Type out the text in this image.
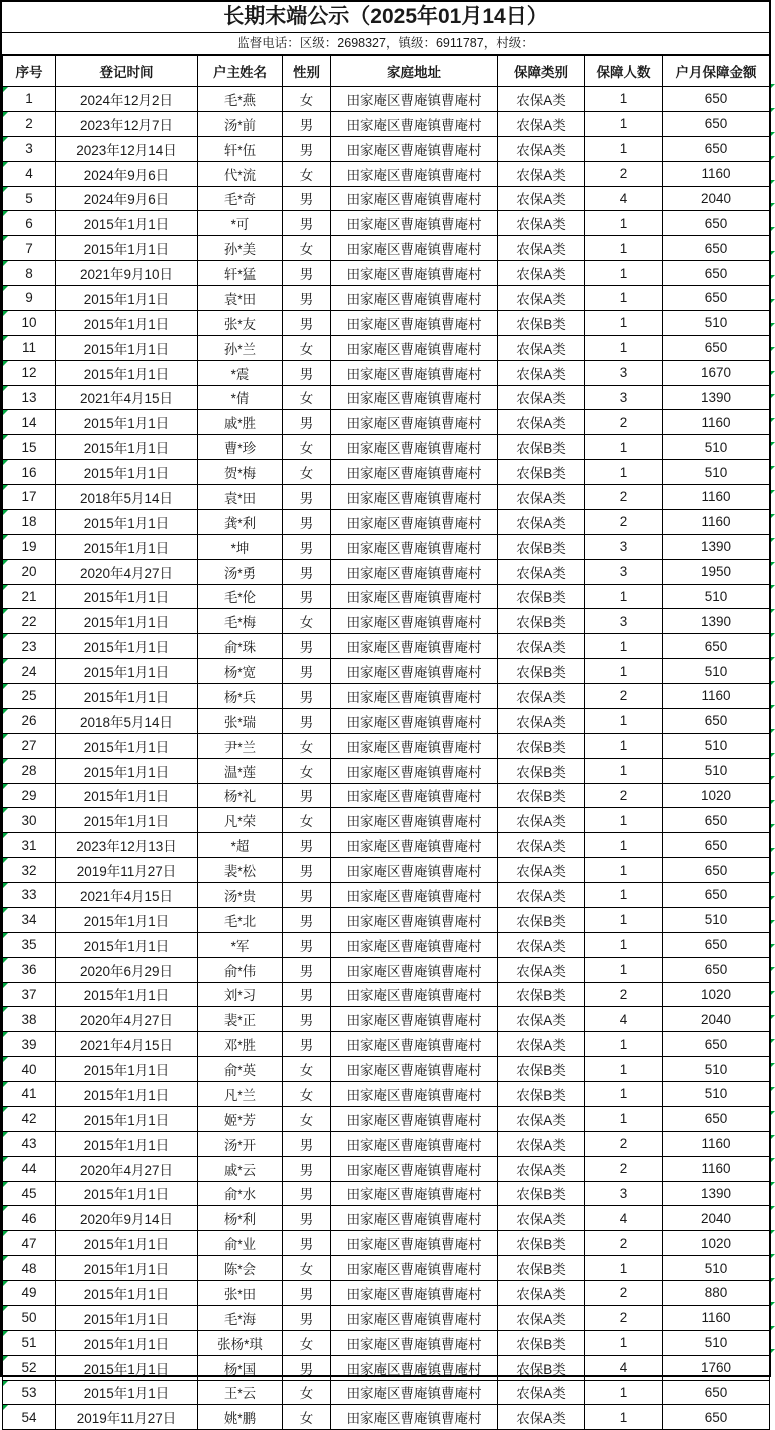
长期末端公示（2025年01月14日）
监督电话：区级：2698327，镇级：6911787，村级：
序号	登记时间	户主姓名	性别	家庭地址	保障类别	保障人数	户月保障金额
1	2024年12月2日	毛*燕	女	田家庵区曹庵镇曹庵村	农保A类	1	650
2	2023年12月7日	汤*前	男	田家庵区曹庵镇曹庵村	农保A类	1	650
3	2023年12月14日	轩*伍	男	田家庵区曹庵镇曹庵村	农保A类	1	650
4	2024年9月6日	代*流	女	田家庵区曹庵镇曹庵村	农保A类	2	1160
5	2024年9月6日	毛*奇	男	田家庵区曹庵镇曹庵村	农保A类	4	2040
6	2015年1月1日	*可	男	田家庵区曹庵镇曹庵村	农保A类	1	650
7	2015年1月1日	孙*美	女	田家庵区曹庵镇曹庵村	农保A类	1	650
8	2021年9月10日	轩*猛	男	田家庵区曹庵镇曹庵村	农保A类	1	650
9	2015年1月1日	袁*田	男	田家庵区曹庵镇曹庵村	农保A类	1	650
10	2015年1月1日	张*友	男	田家庵区曹庵镇曹庵村	农保B类	1	510
11	2015年1月1日	孙*兰	女	田家庵区曹庵镇曹庵村	农保A类	1	650
12	2015年1月1日	*震	男	田家庵区曹庵镇曹庵村	农保A类	3	1670
13	2021年4月15日	*倩	女	田家庵区曹庵镇曹庵村	农保A类	3	1390
14	2015年1月1日	戚*胜	男	田家庵区曹庵镇曹庵村	农保A类	2	1160
15	2015年1月1日	曹*珍	女	田家庵区曹庵镇曹庵村	农保B类	1	510
16	2015年1月1日	贺*梅	女	田家庵区曹庵镇曹庵村	农保B类	1	510
17	2018年5月14日	袁*田	男	田家庵区曹庵镇曹庵村	农保A类	2	1160
18	2015年1月1日	龚*利	男	田家庵区曹庵镇曹庵村	农保A类	2	1160
19	2015年1月1日	*坤	男	田家庵区曹庵镇曹庵村	农保B类	3	1390
20	2020年4月27日	汤*勇	男	田家庵区曹庵镇曹庵村	农保A类	3	1950
21	2015年1月1日	毛*伦	男	田家庵区曹庵镇曹庵村	农保B类	1	510
22	2015年1月1日	毛*梅	女	田家庵区曹庵镇曹庵村	农保B类	3	1390
23	2015年1月1日	俞*珠	男	田家庵区曹庵镇曹庵村	农保A类	1	650
24	2015年1月1日	杨*宽	男	田家庵区曹庵镇曹庵村	农保B类	1	510
25	2015年1月1日	杨*兵	男	田家庵区曹庵镇曹庵村	农保A类	2	1160
26	2018年5月14日	张*瑞	男	田家庵区曹庵镇曹庵村	农保A类	1	650
27	2015年1月1日	尹*兰	女	田家庵区曹庵镇曹庵村	农保B类	1	510
28	2015年1月1日	温*莲	女	田家庵区曹庵镇曹庵村	农保B类	1	510
29	2015年1月1日	杨*礼	男	田家庵区曹庵镇曹庵村	农保B类	2	1020
30	2015年1月1日	凡*荣	女	田家庵区曹庵镇曹庵村	农保A类	1	650
31	2023年12月13日	*超	男	田家庵区曹庵镇曹庵村	农保A类	1	650
32	2019年11月27日	裴*松	男	田家庵区曹庵镇曹庵村	农保A类	1	650
33	2021年4月15日	汤*贵	男	田家庵区曹庵镇曹庵村	农保A类	1	650
34	2015年1月1日	毛*北	男	田家庵区曹庵镇曹庵村	农保B类	1	510
35	2015年1月1日	*军	男	田家庵区曹庵镇曹庵村	农保A类	1	650
36	2020年6月29日	俞*伟	男	田家庵区曹庵镇曹庵村	农保A类	1	650
37	2015年1月1日	刘*习	男	田家庵区曹庵镇曹庵村	农保B类	2	1020
38	2020年4月27日	裴*正	男	田家庵区曹庵镇曹庵村	农保A类	4	2040
39	2021年4月15日	邓*胜	男	田家庵区曹庵镇曹庵村	农保A类	1	650
40	2015年1月1日	俞*英	女	田家庵区曹庵镇曹庵村	农保B类	1	510
41	2015年1月1日	凡*兰	女	田家庵区曹庵镇曹庵村	农保B类	1	510
42	2015年1月1日	姬*芳	女	田家庵区曹庵镇曹庵村	农保A类	1	650
43	2015年1月1日	汤*开	男	田家庵区曹庵镇曹庵村	农保A类	2	1160
44	2020年4月27日	戚*云	男	田家庵区曹庵镇曹庵村	农保A类	2	1160
45	2015年1月1日	俞*水	男	田家庵区曹庵镇曹庵村	农保B类	3	1390
46	2020年9月14日	杨*利	男	田家庵区曹庵镇曹庵村	农保A类	4	2040
47	2015年1月1日	俞*业	男	田家庵区曹庵镇曹庵村	农保B类	2	1020
48	2015年1月1日	陈*会	女	田家庵区曹庵镇曹庵村	农保B类	1	510
49	2015年1月1日	张*田	男	田家庵区曹庵镇曹庵村	农保A类	2	880
50	2015年1月1日	毛*海	男	田家庵区曹庵镇曹庵村	农保A类	2	1160
51	2015年1月1日	张杨*琪	女	田家庵区曹庵镇曹庵村	农保B类	1	510
52	2015年1月1日	杨*国	男	田家庵区曹庵镇曹庵村	农保B类	4	1760
53	2015年1月1日	王*云	女	田家庵区曹庵镇曹庵村	农保A类	1	650
54	2019年11月27日	姚*鹏	女	田家庵区曹庵镇曹庵村	农保A类	1	650
